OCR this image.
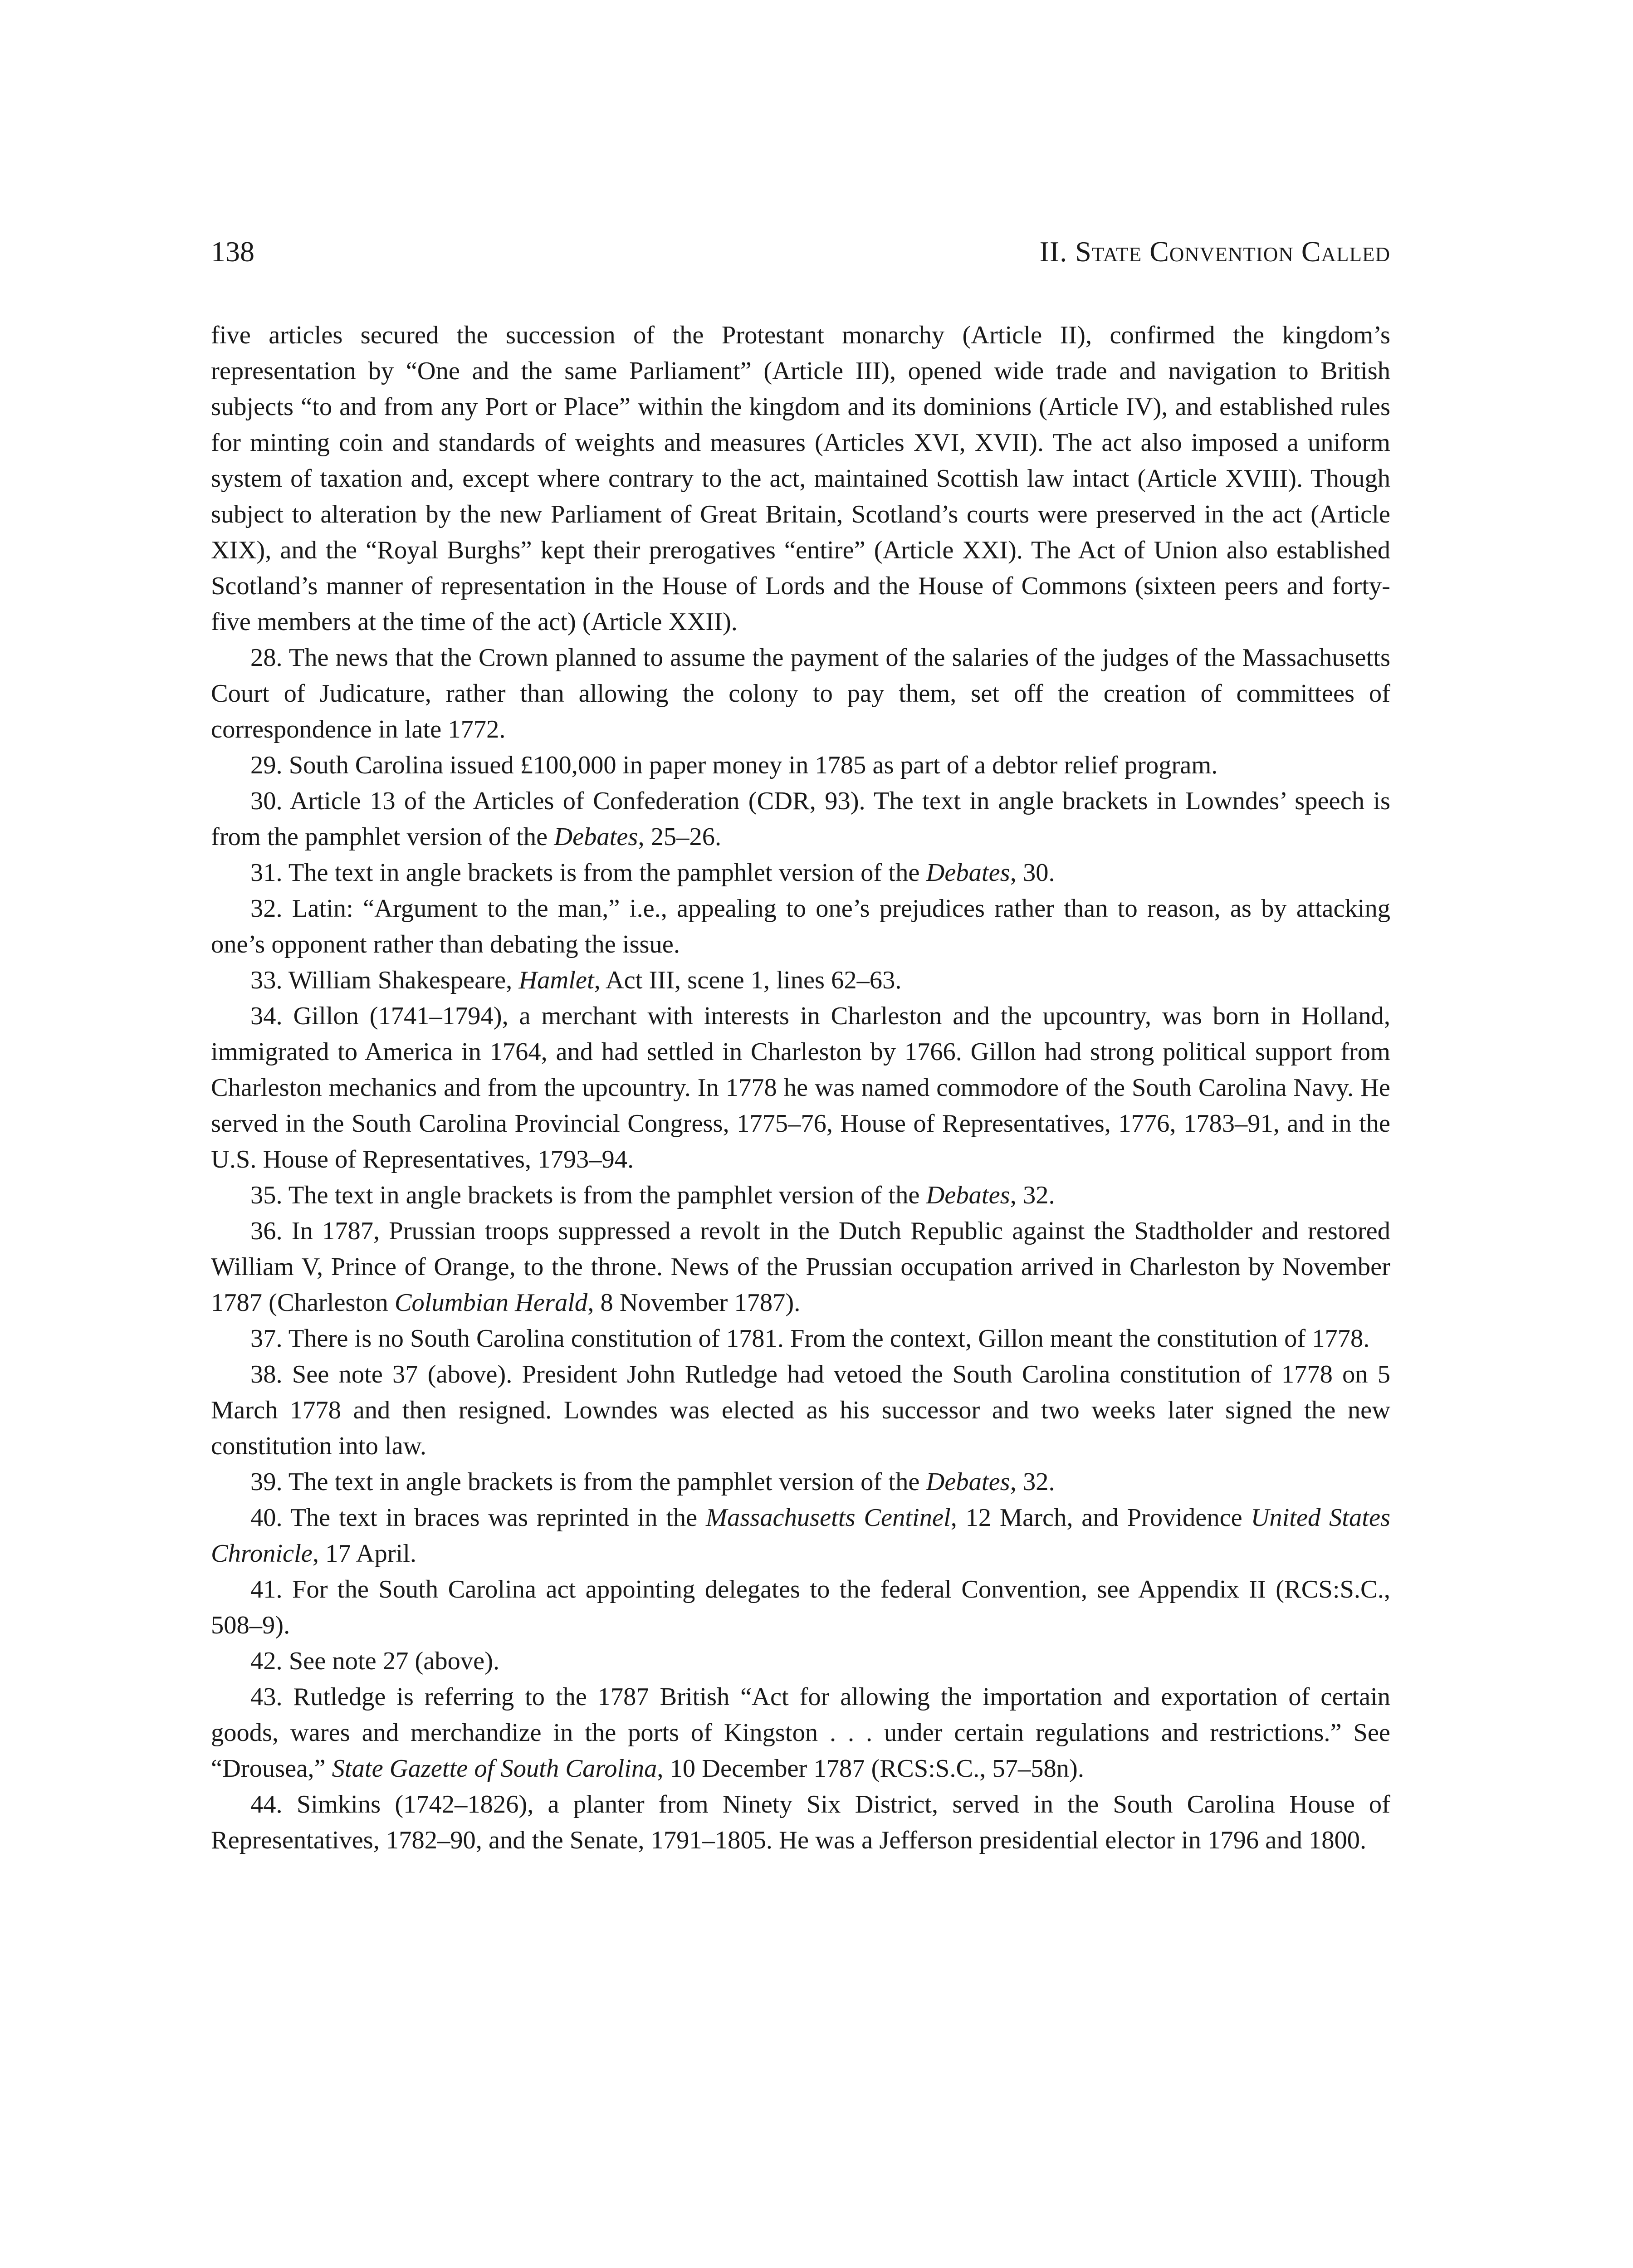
138	II. State Convention Called

five articles secured the succession of the Protestant monarchy (Article II), confirmed the kingdom’s representation by “One and the same Parliament” (Article III), opened wide trade and navigation to British subjects “to and from any Port or Place” within the kingdom and its dominions (Article IV), and established rules for minting coin and standards of weights and measures (Articles XVI, XVII). The act also imposed a uniform system of taxation and, except where contrary to the act, maintained Scottish law intact (Article XVIII). Though subject to alteration by the new Parliament of Great Britain, Scotland’s courts were preserved in the act (Article XIX), and the “Royal Burghs” kept their prerogatives “entire” (Article XXI). The Act of Union also established Scotland’s manner of representation in the House of Lords and the House of Commons (sixteen peers and forty-five members at the time of the act) (Article XXII).

28. The news that the Crown planned to assume the payment of the salaries of the judges of the Massachusetts Court of Judicature, rather than allowing the colony to pay them, set off the creation of committees of correspondence in late 1772.

29. South Carolina issued £100,000 in paper money in 1785 as part of a debtor relief program.

30. Article 13 of the Articles of Confederation (CDR, 93). The text in angle brackets in Lowndes’ speech is from the pamphlet version of the Debates, 25–26.

31. The text in angle brackets is from the pamphlet version of the Debates, 30.

32. Latin: “Argument to the man,” i.e., appealing to one’s prejudices rather than to reason, as by attacking one’s opponent rather than debating the issue.

33. William Shakespeare, Hamlet, Act III, scene 1, lines 62–63.

34. Gillon (1741–1794), a merchant with interests in Charleston and the upcountry, was born in Holland, immigrated to America in 1764, and had settled in Charleston by 1766. Gillon had strong political support from Charleston mechanics and from the upcountry. In 1778 he was named commodore of the South Carolina Navy. He served in the South Carolina Provincial Congress, 1775–76, House of Representatives, 1776, 1783–91, and in the U.S. House of Representatives, 1793–94.

35. The text in angle brackets is from the pamphlet version of the Debates, 32.

36. In 1787, Prussian troops suppressed a revolt in the Dutch Republic against the Stadtholder and restored William V, Prince of Orange, to the throne. News of the Prussian occupation arrived in Charleston by November 1787 (Charleston Columbian Herald, 8 November 1787).

37. There is no South Carolina constitution of 1781. From the context, Gillon meant the constitution of 1778.

38. See note 37 (above). President John Rutledge had vetoed the South Carolina constitution of 1778 on 5 March 1778 and then resigned. Lowndes was elected as his successor and two weeks later signed the new constitution into law.

39. The text in angle brackets is from the pamphlet version of the Debates, 32.

40. The text in braces was reprinted in the Massachusetts Centinel, 12 March, and Providence United States Chronicle, 17 April.

41. For the South Carolina act appointing delegates to the federal Convention, see Appendix II (RCS:S.C., 508–9).

42. See note 27 (above).

43. Rutledge is referring to the 1787 British “Act for allowing the importation and exportation of certain goods, wares and merchandize in the ports of Kingston . . . under certain regulations and restrictions.” See “Drousea,” State Gazette of South Carolina, 10 December 1787 (RCS:S.C., 57–58n).

44. Simkins (1742–1826), a planter from Ninety Six District, served in the South Carolina House of Representatives, 1782–90, and the Senate, 1791–1805. He was a Jefferson presidential elector in 1796 and 1800.
